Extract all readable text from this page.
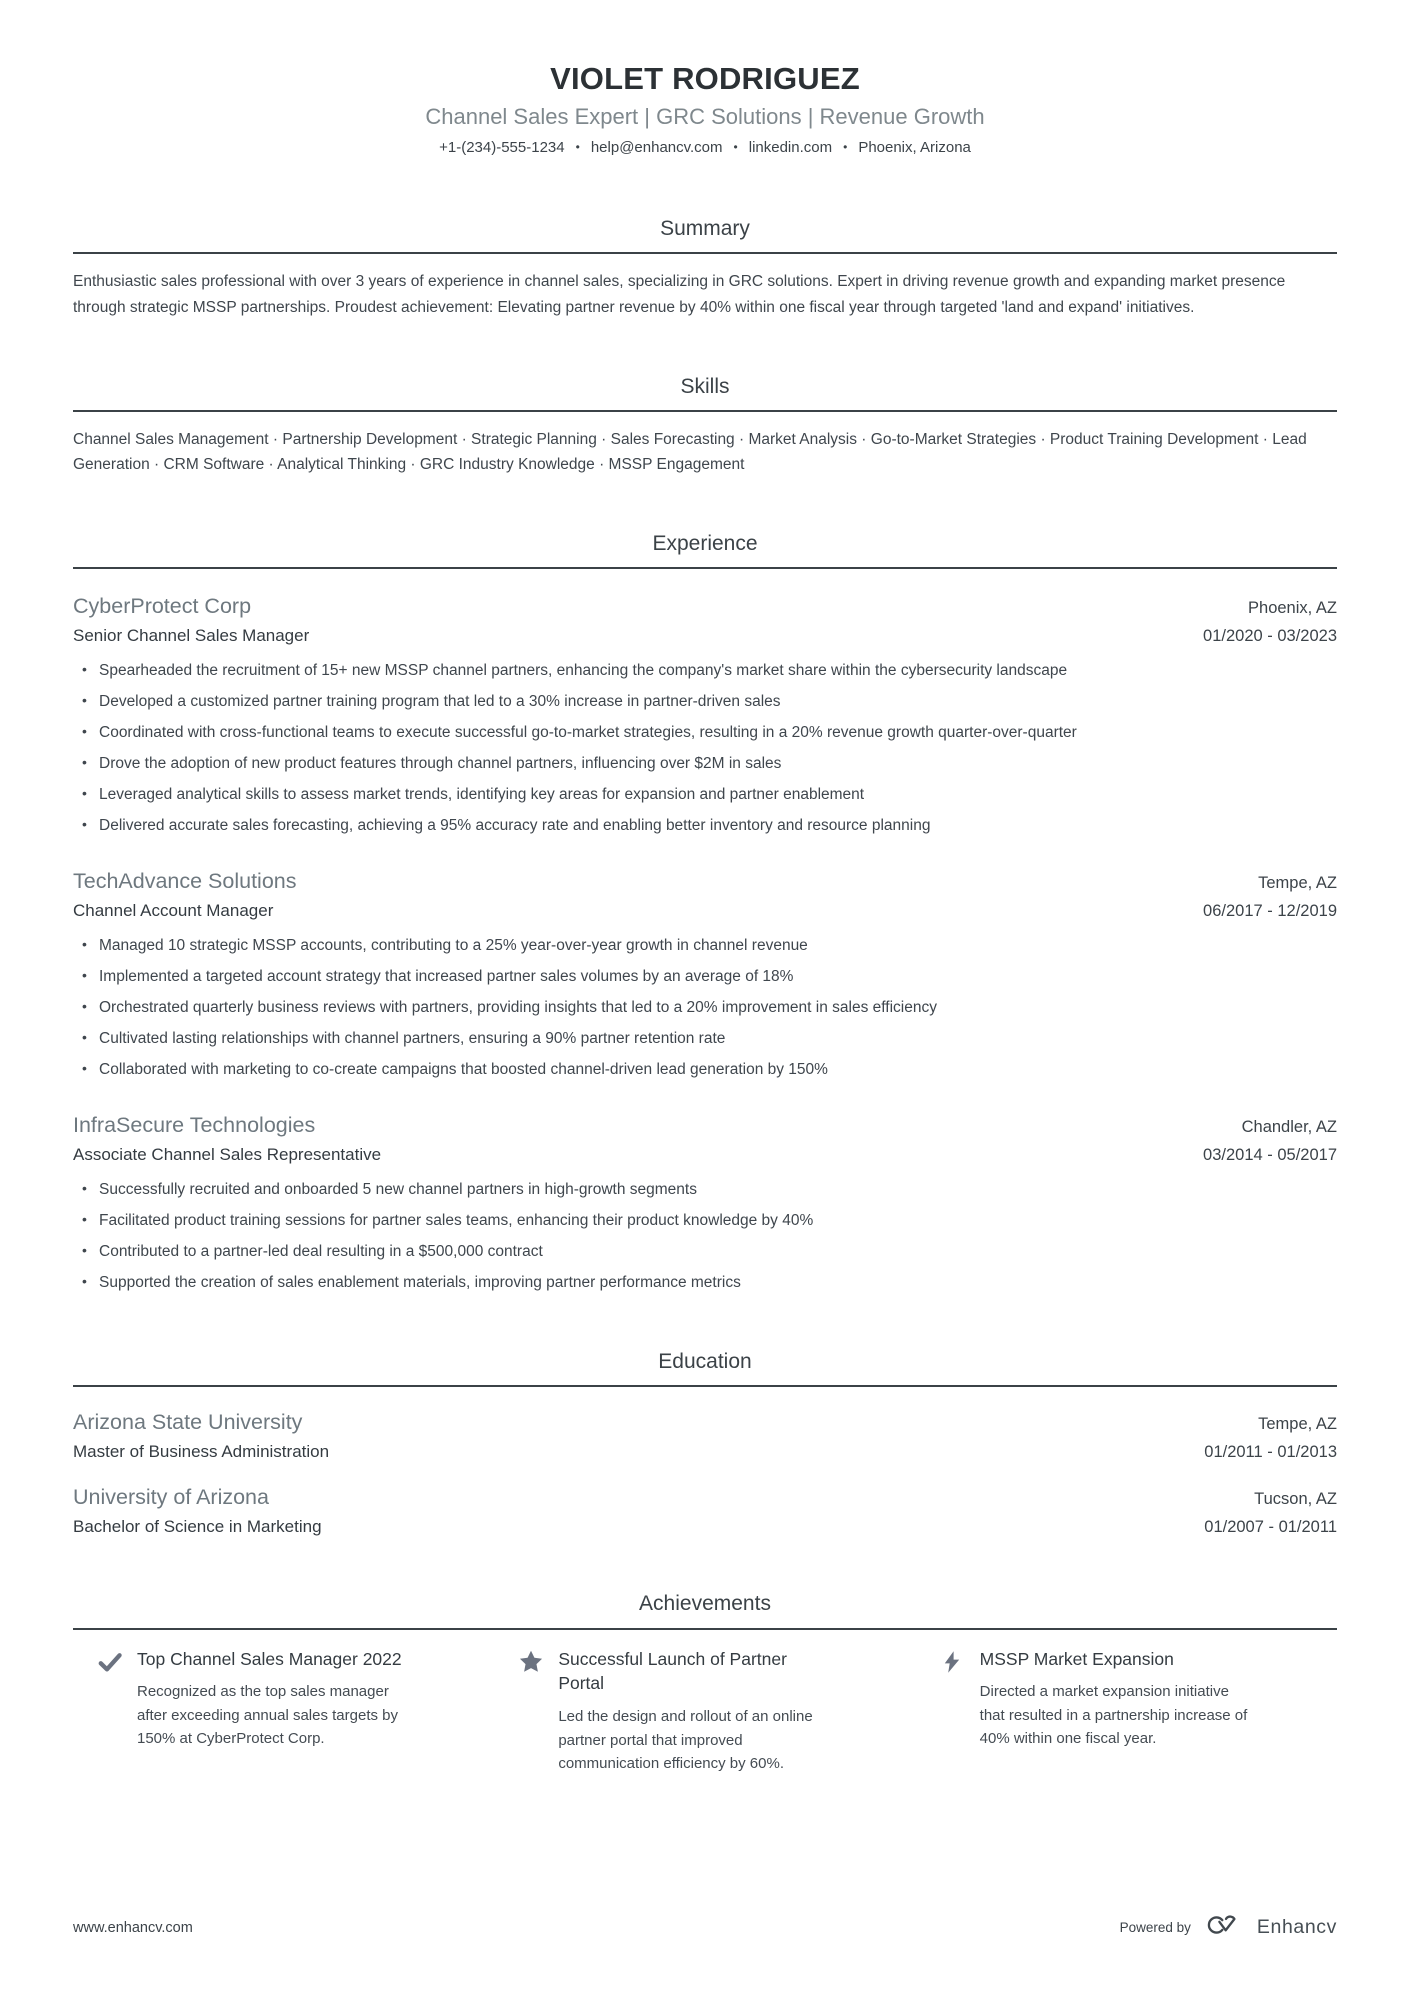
VIOLET RODRIGUEZ
Channel Sales Expert | GRC Solutions | Revenue Growth
+1-(234)-555-1234 • help@enhancv.com • linkedin.com • Phoenix, Arizona
Summary

Enthusiastic sales professional with over 3 years of experience in channel sales, specializing in GRC solutions. Expert in driving revenue growth and expanding market presence through strategic MSSP partnerships. Proudest achievement: Elevating partner revenue by 40% within one fiscal year through targeted 'land and expand' initiatives.

Skills

Channel Sales Management · Partnership Development · Strategic Planning · Sales Forecasting · Market Analysis · Go-to-Market Strategies · Product Training Development · Lead Generation · CRM Software · Analytical Thinking · GRC Industry Knowledge · MSSP Engagement

Experience
CyberProtect Corp	Phoenix, AZ
Senior Channel Sales Manager	01/2020 - 03/2023
• Spearheaded the recruitment of 15+ new MSSP channel partners, enhancing the company's market share within the cybersecurity landscape
• Developed a customized partner training program that led to a 30% increase in partner-driven sales
• Coordinated with cross-functional teams to execute successful go-to-market strategies, resulting in a 20% revenue growth quarter-over-quarter
• Drove the adoption of new product features through channel partners, influencing over $2M in sales
• Leveraged analytical skills to assess market trends, identifying key areas for expansion and partner enablement
• Delivered accurate sales forecasting, achieving a 95% accuracy rate and enabling better inventory and resource planning
TechAdvance Solutions	Tempe, AZ
Channel Account Manager	06/2017 - 12/2019
• Managed 10 strategic MSSP accounts, contributing to a 25% year-over-year growth in channel revenue
• Implemented a targeted account strategy that increased partner sales volumes by an average of 18%
• Orchestrated quarterly business reviews with partners, providing insights that led to a 20% improvement in sales efficiency
• Cultivated lasting relationships with channel partners, ensuring a 90% partner retention rate
• Collaborated with marketing to co-create campaigns that boosted channel-driven lead generation by 150%
InfraSecure Technologies	Chandler, AZ
Associate Channel Sales Representative	03/2014 - 05/2017
• Successfully recruited and onboarded 5 new channel partners in high-growth segments
• Facilitated product training sessions for partner sales teams, enhancing their product knowledge by 40%
• Contributed to a partner-led deal resulting in a $500,000 contract
• Supported the creation of sales enablement materials, improving partner performance metrics
Education
Arizona State University	Tempe, AZ
Master of Business Administration	01/2011 - 01/2013
University of Arizona	Tucson, AZ
Bachelor of Science in Marketing	01/2007 - 01/2011
Achievements
Top Channel Sales Manager 2022
Recognized as the top sales manager after exceeding annual sales targets by 150% at CyberProtect Corp.
Successful Launch of Partner Portal
Led the design and rollout of an online partner portal that improved communication efficiency by 60%.
MSSP Market Expansion
Directed a market expansion initiative that resulted in a partnership increase of 40% within one fiscal year.
www.enhancv.com	Powered by	Enhancv
